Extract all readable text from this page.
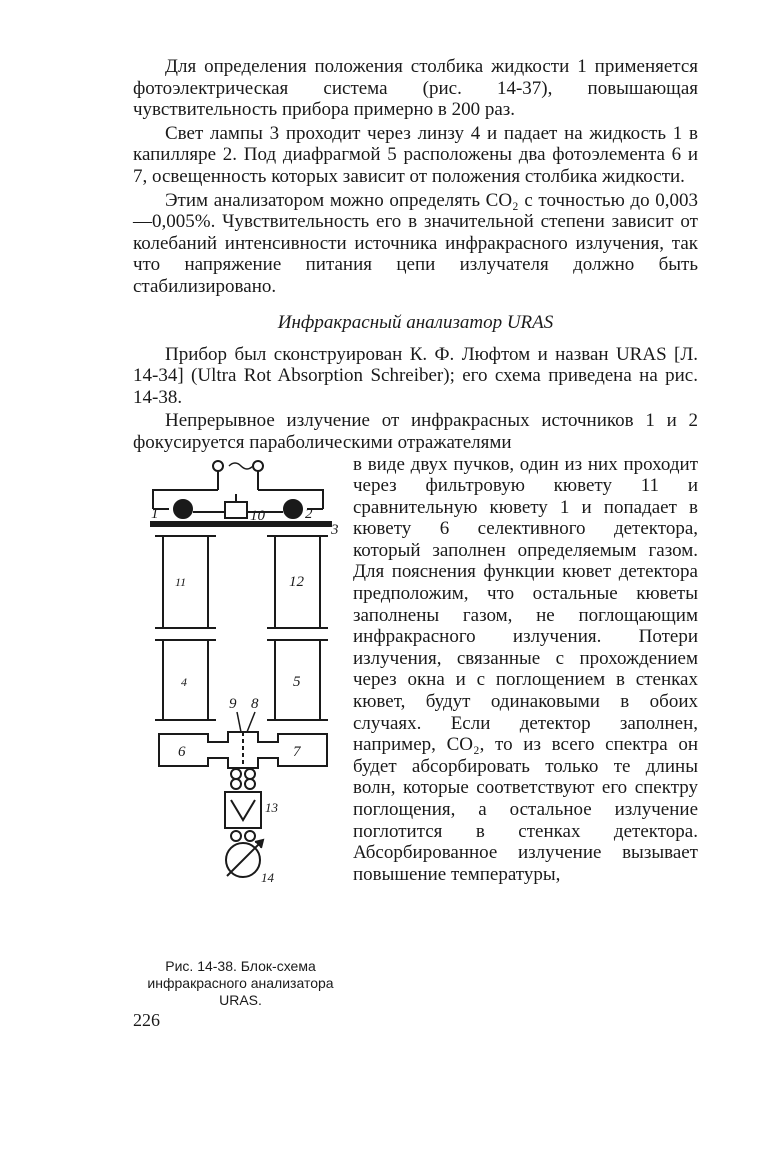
Для определения положения столбика жидкости 1 применяется фотоэлектрическая система (рис. 14-37), повышающая чувствительность прибора примерно в 200 раз.

Свет лампы 3 проходит через линзу 4 и падает на жидкость 1 в капилляре 2. Под диафрагмой 5 расположены два фотоэлемента 6 и 7, освещенность которых зависит от положения столбика жидкости.

Этим анализатором можно определять CO₂ с точностью до 0,003—0,005%. Чувствительность его в значительной степени зависит от колебаний интенсивности источника инфракрасного излучения, так что напряжение питания цепи излучателя должно быть стабилизировано.

Инфракрасный анализатор URAS

Прибор был сконструирован К. Ф. Люфтом и назван URAS [Л. 14-34] (Ultra Rot Absorption Schreiber); его схема приведена на рис. 14-38.

Непрерывное излучение от инфракрасных источников 1 и 2 фокусируется параболическими отражателями

1	10	2
3
11	12
4	5
9 8
6	7
13
14
в виде двух пучков, один из них проходит через фильтровую кювету 11 и сравнительную кювету 1 и попадает в кювету 6 селективного детектора, который заполнен определяемым газом. Для пояснения функции кювет детектора предположим, что остальные кюветы заполнены газом, не поглощающим инфракрасного излучения. Потери излучения, связанные с прохождением через окна и с поглощением в стенках кювет, будут одинаковыми в обоих случаях. Если детектор заполнен, например, CO₂, то из всего спектра он будет абсорбировать только те длины волн, которые соответствуют его спектру поглощения, а остальное излучение поглотится в стенках детектора. Абсорбированное излучение вызывает повышение температуры,
Рис. 14-38. Блок-схема инфракрасного анализатора URAS.
226
